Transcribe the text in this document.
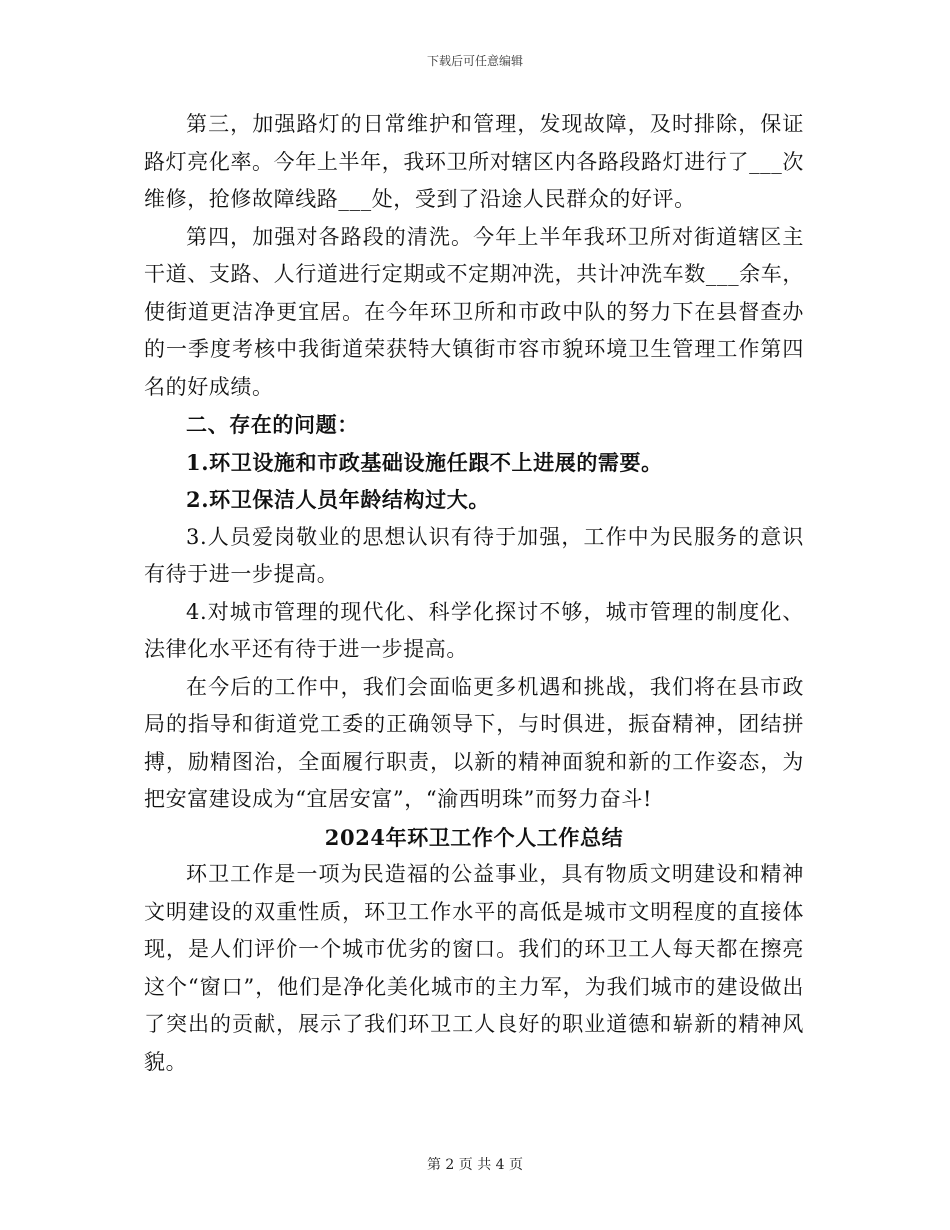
下载后可任意编辑

第三，加强路灯的日常维护和管理，发现故障，及时排除，保证路灯亮化率。今年上半年，我环卫所对辖区内各路段路灯进行了___次维修，抢修故障线路___处，受到了沿途人民群众的好评。

第四，加强对各路段的清洗。今年上半年我环卫所对街道辖区主干道、支路、人行道进行定期或不定期冲洗，共计冲洗车数___余车，使街道更洁净更宜居。在今年环卫所和市政中队的努力下在县督查办的一季度考核中我街道荣获特大镇街市容市貌环境卫生管理工作第四名的好成绩。

二、存在的问题：

1.环卫设施和市政基础设施任跟不上进展的需要。

2.环卫保洁人员年龄结构过大。

3.人员爱岗敬业的思想认识有待于加强，工作中为民服务的意识有待于进一步提高。

4.对城市管理的现代化、科学化探讨不够，城市管理的制度化、法律化水平还有待于进一步提高。

在今后的工作中，我们会面临更多机遇和挑战，我们将在县市政局的指导和街道党工委的正确领导下，与时俱进，振奋精神，团结拼搏，励精图治，全面履行职责，以新的精神面貌和新的工作姿态，为把安富建设成为“宜居安富”，“渝西明珠”而努力奋斗!

2024年环卫工作个人工作总结

环卫工作是一项为民造福的公益事业，具有物质文明建设和精神文明建设的双重性质，环卫工作水平的高低是城市文明程度的直接体现，是人们评价一个城市优劣的窗口。我们的环卫工人每天都在擦亮这个“窗口”，他们是净化美化城市的主力军，为我们城市的建设做出了突出的贡献，展示了我们环卫工人良好的职业道德和崭新的精神风貌。

第 2 页 共 4 页
